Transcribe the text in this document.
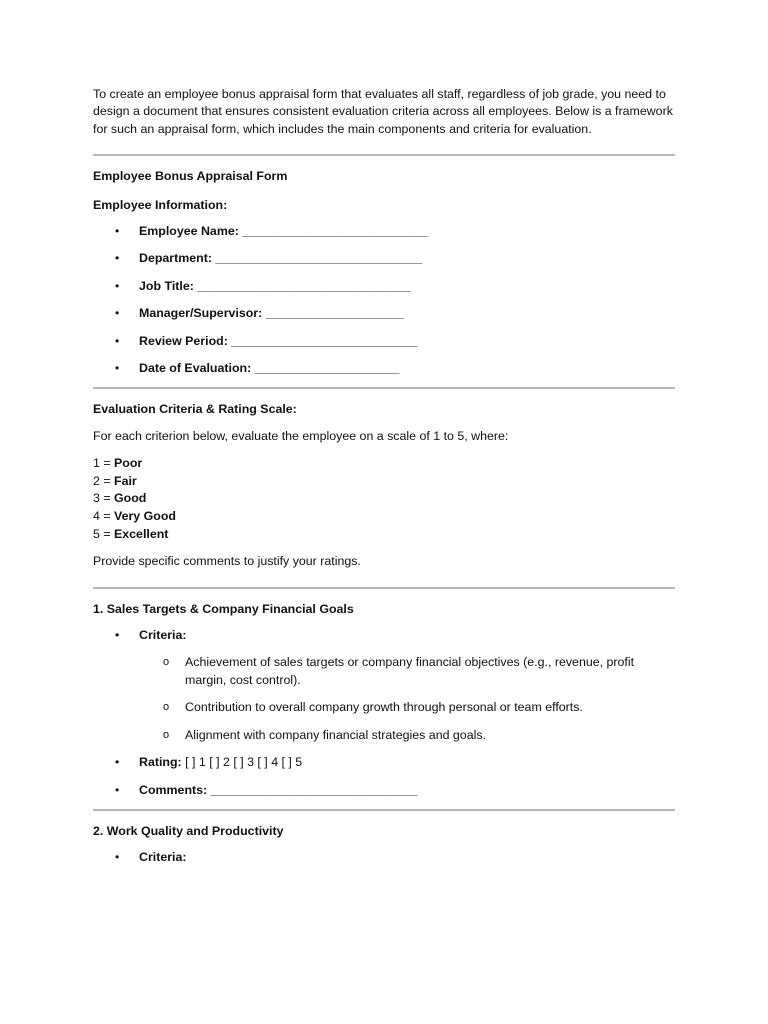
To create an employee bonus appraisal form that evaluates all staff, regardless of job grade, you need to design a document that ensures consistent evaluation criteria across all employees. Below is a framework for such an appraisal form, which includes the main components and criteria for evaluation.

Employee Bonus Appraisal Form

Employee Information:

• Employee Name: ___________________________
• Department: ______________________________
• Job Title: _______________________________
• Manager/Supervisor: ____________________
• Review Period: ___________________________
• Date of Evaluation: _____________________

Evaluation Criteria & Rating Scale:

For each criterion below, evaluate the employee on a scale of 1 to 5, where:

1 = Poor
2 = Fair
3 = Good
4 = Very Good
5 = Excellent

Provide specific comments to justify your ratings.

1. Sales Targets & Company Financial Goals

• Criteria:
o Achievement of sales targets or company financial objectives (e.g., revenue, profit margin, cost control).
o Contribution to overall company growth through personal or team efforts.
o Alignment with company financial strategies and goals.
• Rating: [ ] 1 [ ] 2 [ ] 3 [ ] 4 [ ] 5
• Comments: ______________________________

2. Work Quality and Productivity

• Criteria:
